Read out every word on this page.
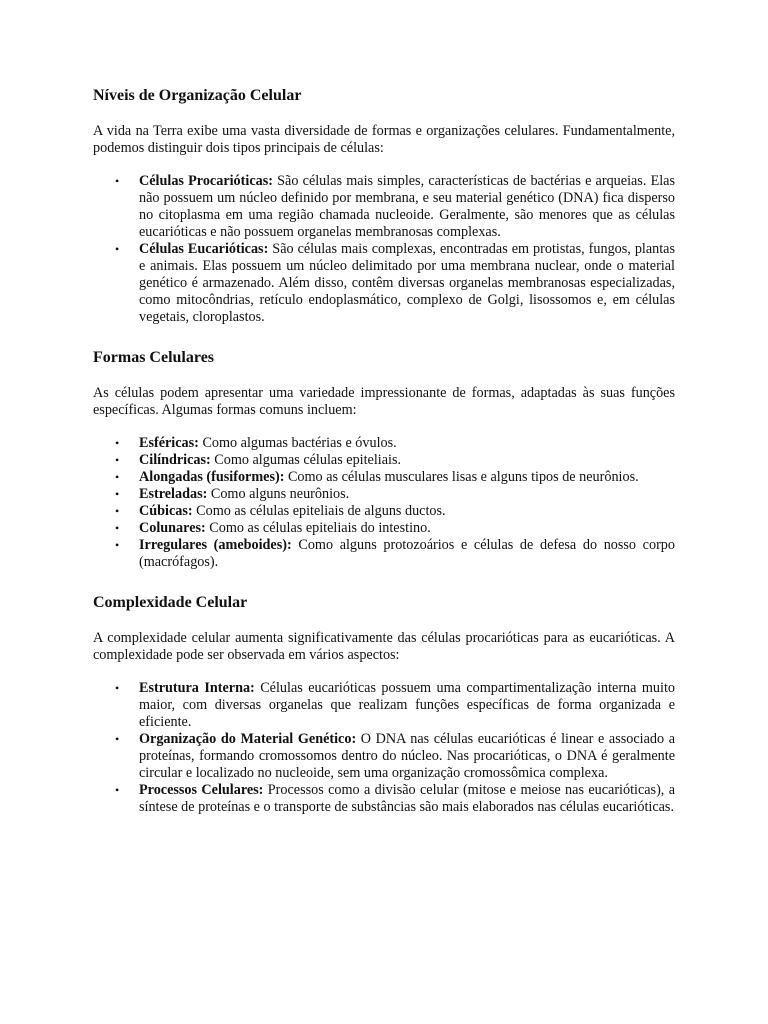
Níveis de Organização Celular

A vida na Terra exibe uma vasta diversidade de formas e organizações celulares. Fundamentalmente, podemos distinguir dois tipos principais de células:

• Células Procarióticas: São células mais simples, características de bactérias e arqueias. Elas não possuem um núcleo definido por membrana, e seu material genético (DNA) fica disperso no citoplasma em uma região chamada nucleoide. Geralmente, são menores que as células eucarióticas e não possuem organelas membranosas complexas.
• Células Eucarióticas: São células mais complexas, encontradas em protistas, fungos, plantas e animais. Elas possuem um núcleo delimitado por uma membrana nuclear, onde o material genético é armazenado. Além disso, contêm diversas organelas membranosas especializadas, como mitocôndrias, retículo endoplasmático, complexo de Golgi, lisossomos e, em células vegetais, cloroplastos.
Formas Celulares

As células podem apresentar uma variedade impressionante de formas, adaptadas às suas funções específicas. Algumas formas comuns incluem:

• Esféricas: Como algumas bactérias e óvulos.
• Cilíndricas: Como algumas células epiteliais.
• Alongadas (fusiformes): Como as células musculares lisas e alguns tipos de neurônios.
• Estreladas: Como alguns neurônios.
• Cúbicas: Como as células epiteliais de alguns ductos.
• Colunares: Como as células epiteliais do intestino.
• Irregulares (ameboides): Como alguns protozoários e células de defesa do nosso corpo (macrófagos).
Complexidade Celular

A complexidade celular aumenta significativamente das células procarióticas para as eucarióticas. A complexidade pode ser observada em vários aspectos:

• Estrutura Interna: Células eucarióticas possuem uma compartimentalização interna muito maior, com diversas organelas que realizam funções específicas de forma organizada e eficiente.
• Organização do Material Genético: O DNA nas células eucarióticas é linear e associado a proteínas, formando cromossomos dentro do núcleo. Nas procarióticas, o DNA é geralmente circular e localizado no nucleoide, sem uma organização cromossômica complexa.
• Processos Celulares: Processos como a divisão celular (mitose e meiose nas eucarióticas), a síntese de proteínas e o transporte de substâncias são mais elaborados nas células eucarióticas.
